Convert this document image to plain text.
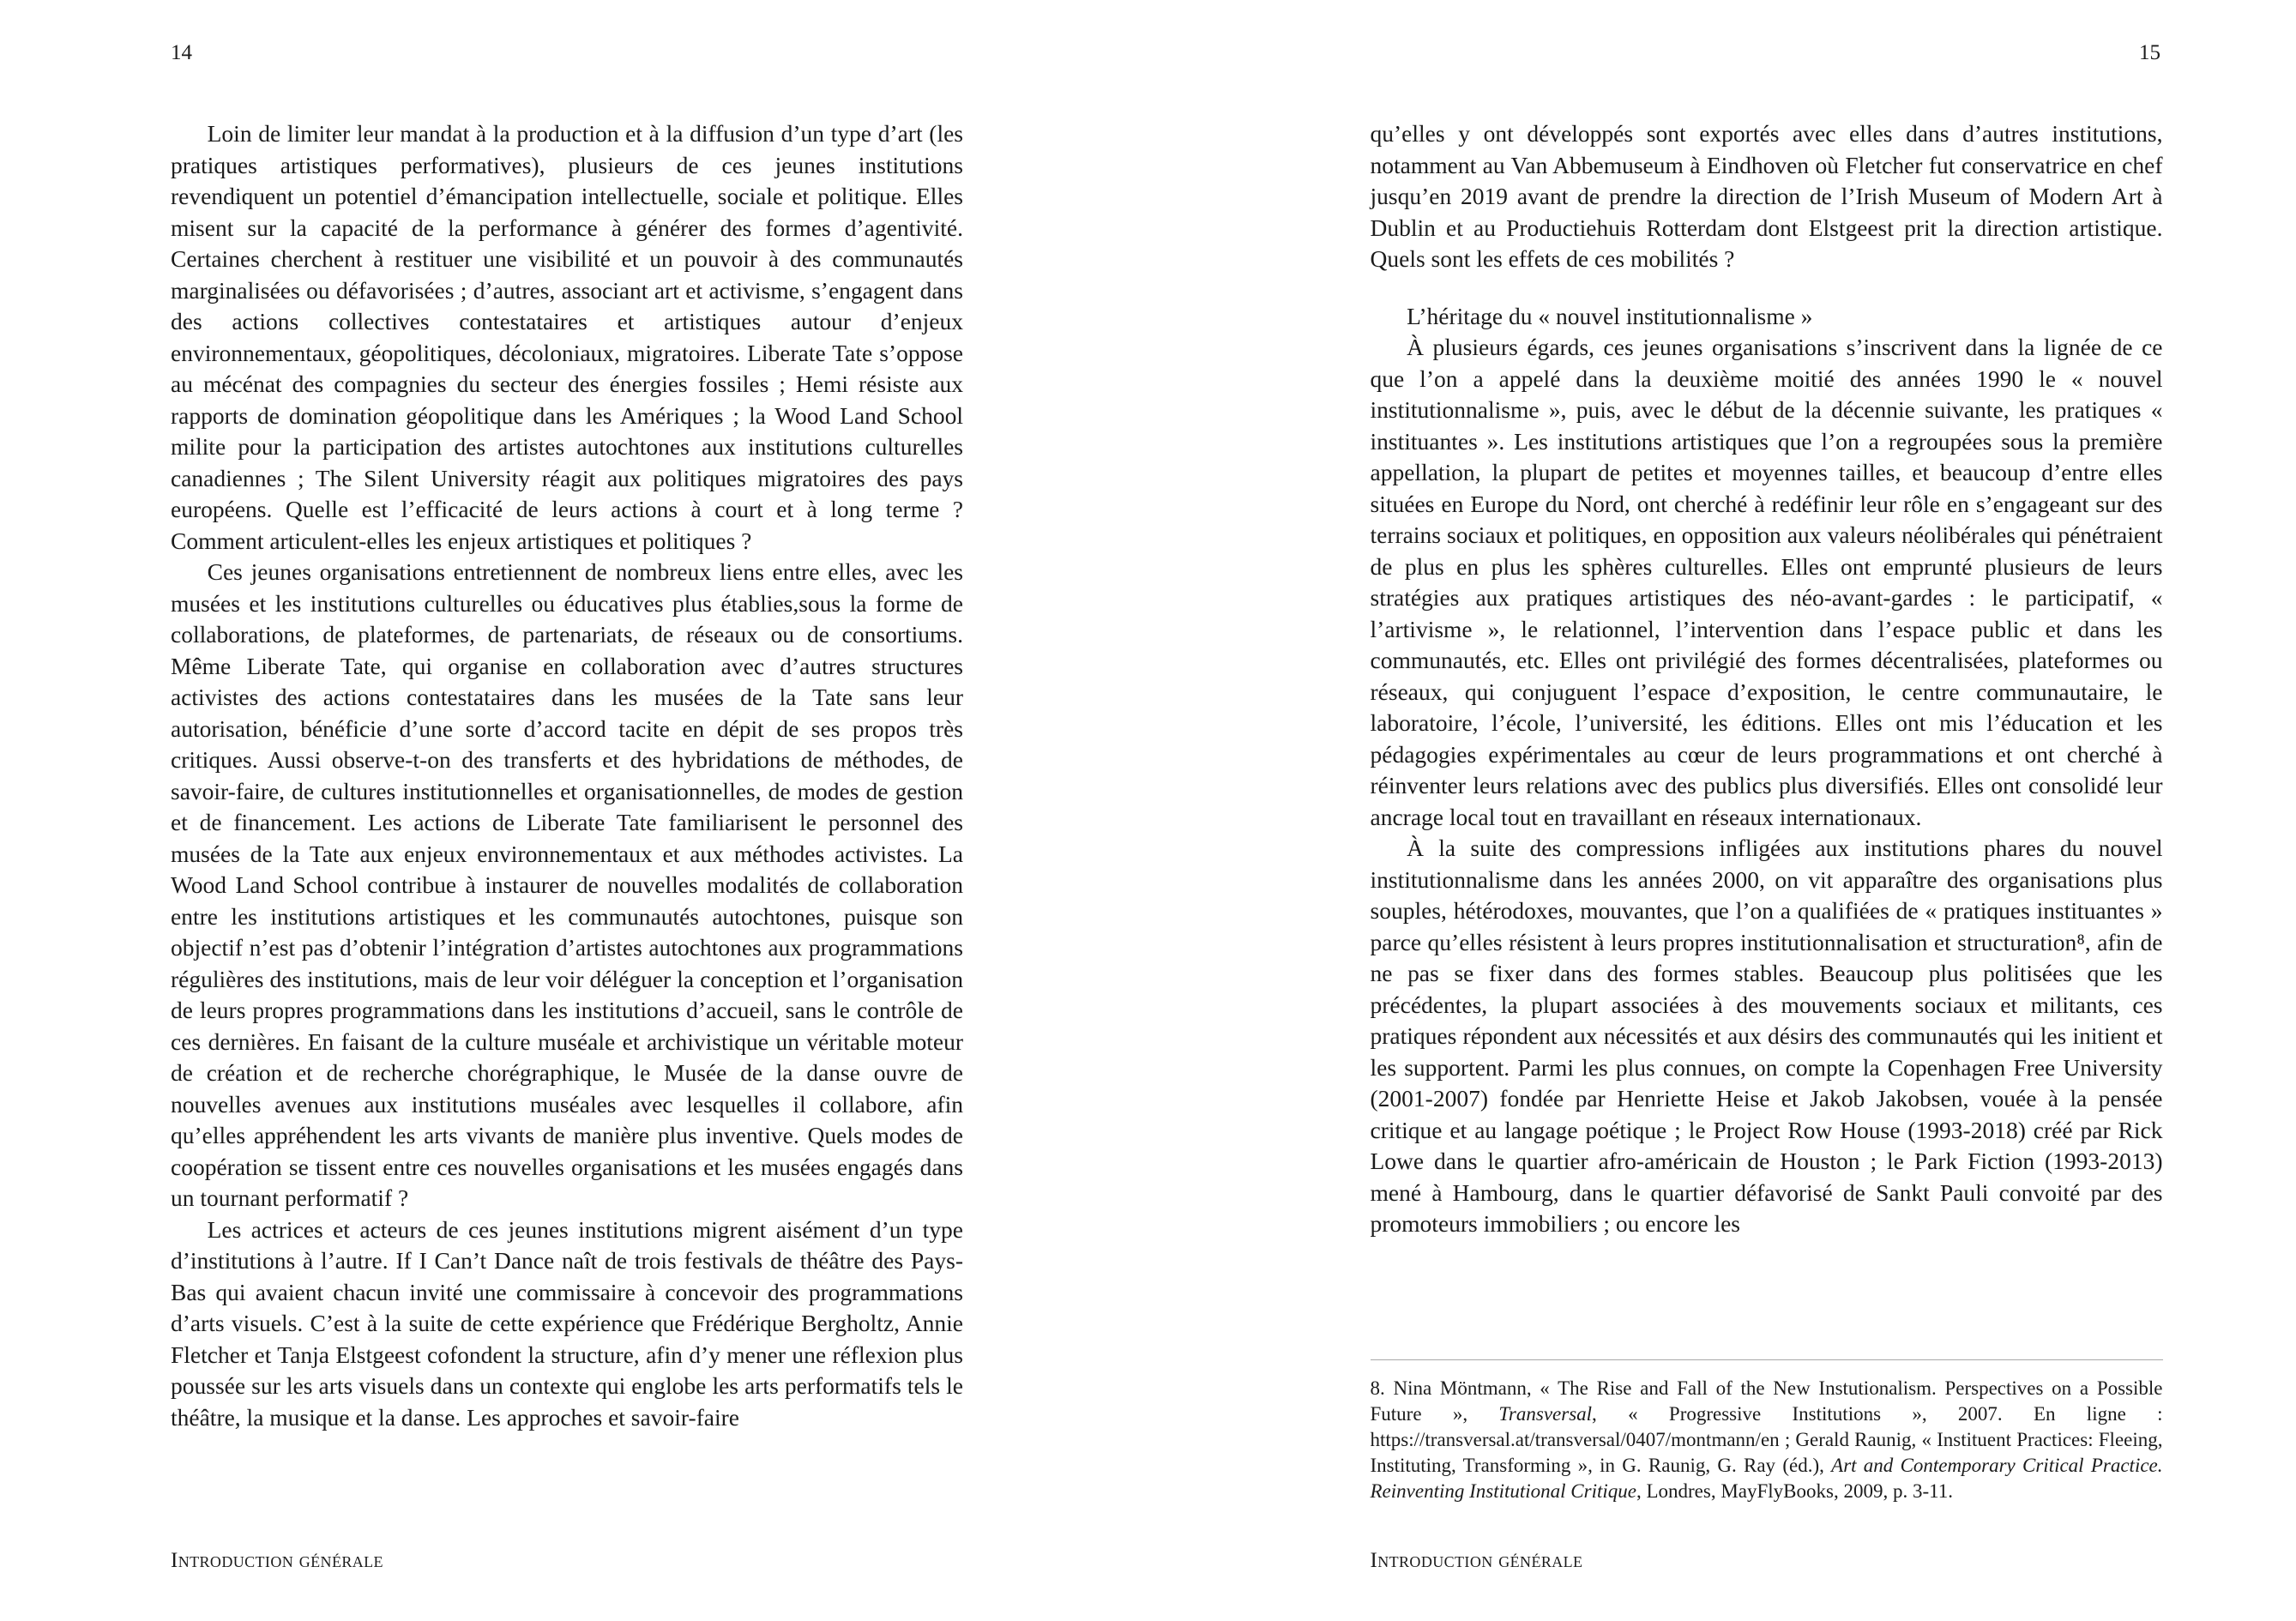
14

Loin de limiter leur mandat à la production et à la diffusion d’un type d’art (les pratiques artistiques performatives), plusieurs de ces jeunes institutions revendiquent un potentiel d’émancipation intellectuelle, sociale et politique. Elles misent sur la capacité de la performance à générer des formes d’agentivité. Certaines cherchent à restituer une visibilité et un pouvoir à des communautés marginalisées ou défavorisées ; d’autres, associant art et activisme, s’engagent dans des actions collectives contestataires et artistiques autour d’enjeux environnementaux, géopolitiques, décoloniaux, migratoires. Liberate Tate s’oppose au mécénat des compagnies du secteur des énergies fossiles ; Hemi résiste aux rapports de domination géopolitique dans les Amériques ; la Wood Land School milite pour la participation des artistes autochtones aux institutions culturelles canadiennes ; The Silent University réagit aux politiques migratoires des pays européens. Quelle est l’efficacité de leurs actions à court et à long terme ? Comment articulent-elles les enjeux artistiques et politiques ?

Ces jeunes organisations entretiennent de nombreux liens entre elles, avec les musées et les institutions culturelles ou éducatives plus établies,sous la forme de collaborations, de plateformes, de partenariats, de réseaux ou de consortiums. Même Liberate Tate, qui organise en collaboration avec d’autres structures activistes des actions contestataires dans les musées de la Tate sans leur autorisation, bénéficie d’une sorte d’accord tacite en dépit de ses propos très critiques. Aussi observe-t-on des transferts et des hybridations de méthodes, de savoir-faire, de cultures institutionnelles et organisationnelles, de modes de gestion et de financement. Les actions de Liberate Tate familiarisent le personnel des musées de la Tate aux enjeux environnementaux et aux méthodes activistes. La Wood Land School contribue à instaurer de nouvelles modalités de collaboration entre les institutions artistiques et les communautés autochtones, puisque son objectif n’est pas d’obtenir l’intégration d’artistes autochtones aux programmations régulières des institutions, mais de leur voir déléguer la conception et l’organisation de leurs propres programmations dans les institutions d’accueil, sans le contrôle de ces dernières. En faisant de la culture muséale et archivistique un véritable moteur de création et de recherche chorégraphique, le Musée de la danse ouvre de nouvelles avenues aux institutions muséales avec lesquelles il collabore, afin qu’elles appréhendent les arts vivants de manière plus inventive. Quels modes de coopération se tissent entre ces nouvelles organisations et les musées engagés dans un tournant performatif ?

Les actrices et acteurs de ces jeunes institutions migrent aisément d’un type d’institutions à l’autre. If I Can’t Dance naît de trois festivals de théâtre des Pays-Bas qui avaient chacun invité une commissaire à concevoir des programmations d’arts visuels. C’est à la suite de cette expérience que Frédérique Bergholtz, Annie Fletcher et Tanja Elstgeest cofondent la structure, afin d’y mener une réflexion plus poussée sur les arts visuels dans un contexte qui englobe les arts performatifs tels le théâtre, la musique et la danse. Les approches et savoir-faire

Introduction générale
15

qu’elles y ont développés sont exportés avec elles dans d’autres institutions, notamment au Van Abbemuseum à Eindhoven où Fletcher fut conservatrice en chef jusqu’en 2019 avant de prendre la direction de l’Irish Museum of Modern Art à Dublin et au Productiehuis Rotterdam dont Elstgeest prit la direction artistique. Quels sont les effets de ces mobilités ?

L’héritage du « nouvel institutionnalisme »

À plusieurs égards, ces jeunes organisations s’inscrivent dans la lignée de ce que l’on a appelé dans la deuxième moitié des années 1990 le « nouvel institutionnalisme », puis, avec le début de la décennie suivante, les pratiques « instituantes ». Les institutions artistiques que l’on a regroupées sous la première appellation, la plupart de petites et moyennes tailles, et beaucoup d’entre elles situées en Europe du Nord, ont cherché à redéfinir leur rôle en s’engageant sur des terrains sociaux et politiques, en opposition aux valeurs néolibérales qui pénétraient de plus en plus les sphères culturelles. Elles ont emprunté plusieurs de leurs stratégies aux pratiques artistiques des néo-avant-gardes : le participatif, « l’artivisme », le relationnel, l’intervention dans l’espace public et dans les communautés, etc. Elles ont privilégié des formes décentralisées, plateformes ou réseaux, qui conjuguent l’espace d’exposition, le centre communautaire, le laboratoire, l’école, l’université, les éditions. Elles ont mis l’éducation et les pédagogies expérimentales au cœur de leurs programmations et ont cherché à réinventer leurs relations avec des publics plus diversifiés. Elles ont consolidé leur ancrage local tout en travaillant en réseaux internationaux.

À la suite des compressions infligées aux institutions phares du nouvel institutionnalisme dans les années 2000, on vit apparaître des organisations plus souples, hétérodoxes, mouvantes, que l’on a qualifiées de « pratiques instituantes » parce qu’elles résistent à leurs propres institutionnalisation et structuration⁸, afin de ne pas se fixer dans des formes stables. Beaucoup plus politisées que les précédentes, la plupart associées à des mouvements sociaux et militants, ces pratiques répondent aux nécessités et aux désirs des communautés qui les initient et les supportent. Parmi les plus connues, on compte la Copenhagen Free University (2001-2007) fondée par Henriette Heise et Jakob Jakobsen, vouée à la pensée critique et au langage poétique ; le Project Row House (1993-2018) créé par Rick Lowe dans le quartier afro-américain de Houston ; le Park Fiction (1993-2013) mené à Hambourg, dans le quartier défavorisé de Sankt Pauli convoité par des promoteurs immobiliers ; ou encore les

8. Nina Möntmann, « The Rise and Fall of the New Instutionalism. Perspectives on a Possible Future », Transversal, « Progressive Institutions », 2007. En ligne : https://transversal.at/transversal/0407/montmann/en ; Gerald Raunig, « Instituent Practices: Fleeing, Instituting, Transforming », in G. Raunig, G. Ray (éd.), Art and Contemporary Critical Practice. Reinventing Institutional Critique, Londres, MayFlyBooks, 2009, p. 3-11.

Introduction générale
